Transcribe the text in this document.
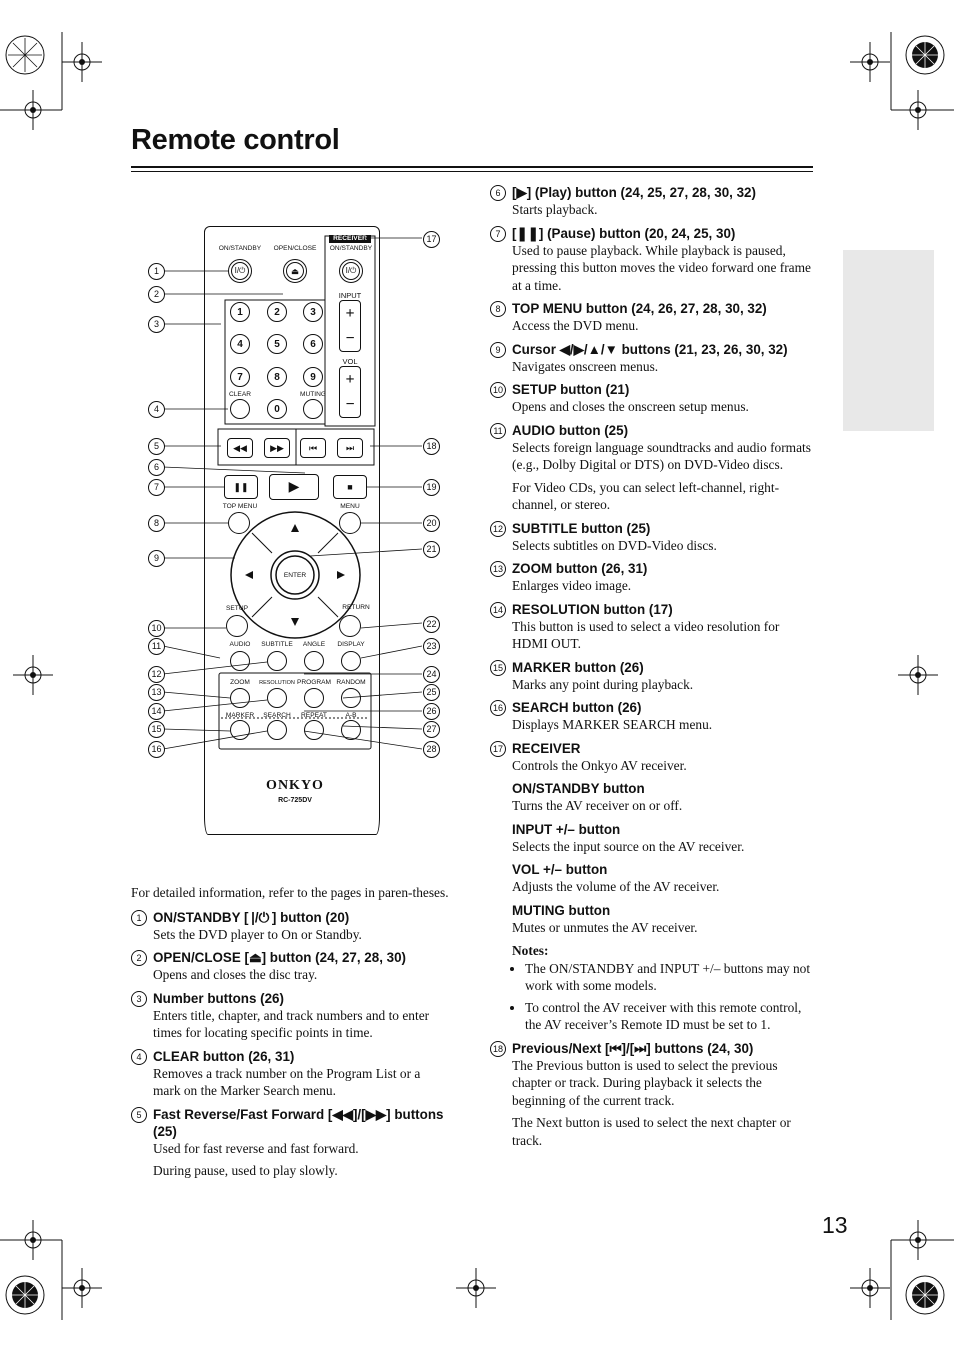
Remote control
13
ON/STANDBY OPEN/CLOSE
RECEIVER
ON/STANDBY
INPUT
VOL
CLEAR	MUTING
TOP MENU	MENU
ENTER
SETUP	RETURN
AUDIO SUBTITLE ANGLE DISPLAY
ZOOM RESOLUTION PROGRAM RANDOM
MARKER SEARCH REPEAT	A-B
I/⏻	⏏	I/⏻
1	2	3
4	5	6
7	8	9
0
+
−
+
−
◀◀	▶▶	⏮	⏭
❚❚	▶	■
ONKYO
RC-725DV
1
2
3
4
5
6
7
8
9
10
11
12
13
14
15
16
17
18
19
20
21
22
23
24
25
26
27
28
For detailed information, refer to the pages in paren-theses.
1 ON/STANDBY [ |/⏻ ] button (20)

Sets the DVD player to On or Standby.

2 OPEN/CLOSE [⏏] button (24, 27, 28, 30)

Opens and closes the disc tray.

3 Number buttons (26)

Enters title, chapter, and track numbers and to enter times for locating specific points in time.

4 CLEAR button (26, 31)

Removes a track number on the Program List or a mark on the Marker Search menu.

5 Fast Reverse/Fast Forward [◀◀]/[▶▶] buttons (25)

Used for fast reverse and fast forward.

During pause, used to play slowly.

6 [▶] (Play) button (24, 25, 27, 28, 30, 32)

Starts playback.

7 [❚❚] (Pause) button (20, 24, 25, 30)

Used to pause playback. While playback is paused, pressing this button moves the video forward one frame at a time.

8 TOP MENU button (24, 26, 27, 28, 30, 32)

Access the DVD menu.

9 Cursor ◀/▶/▲/▼ buttons (21, 23, 26, 30, 32)

Navigates onscreen menus.

10 SETUP button (21)

Opens and closes the onscreen setup menus.

11 AUDIO button (25)

Selects foreign language soundtracks and audio formats (e.g., Dolby Digital or DTS) on DVD-Video discs.

For Video CDs, you can select left-channel, right-channel, or stereo.

12 SUBTITLE button (25)

Selects subtitles on DVD-Video discs.

13 ZOOM button (26, 31)

Enlarges video image.

14 RESOLUTION button (17)

This button is used to select a video resolution for HDMI OUT.

15 MARKER button (26)

Marks any point during playback.

16 SEARCH button (26)

Displays MARKER SEARCH menu.

17 RECEIVER
Controls the Onkyo AV receiver.
ON/STANDBY button
Turns the AV receiver on or off.
INPUT +/– button
Selects the input source on the AV receiver.
VOL +/– button
Adjusts the volume of the AV receiver.
MUTING button
Mutes or unmutes the AV receiver.
Notes:
• The ON/STANDBY and INPUT +/– buttons may not work with some models.
• To control the AV receiver with this remote control, the AV receiver’s Remote ID must be set to 1.
18 Previous/Next [⏮]/[⏭] buttons (24, 30)

The Previous button is used to select the previous chapter or track. During playback it selects the beginning of the current track.

The Next button is used to select the next chapter or track.
